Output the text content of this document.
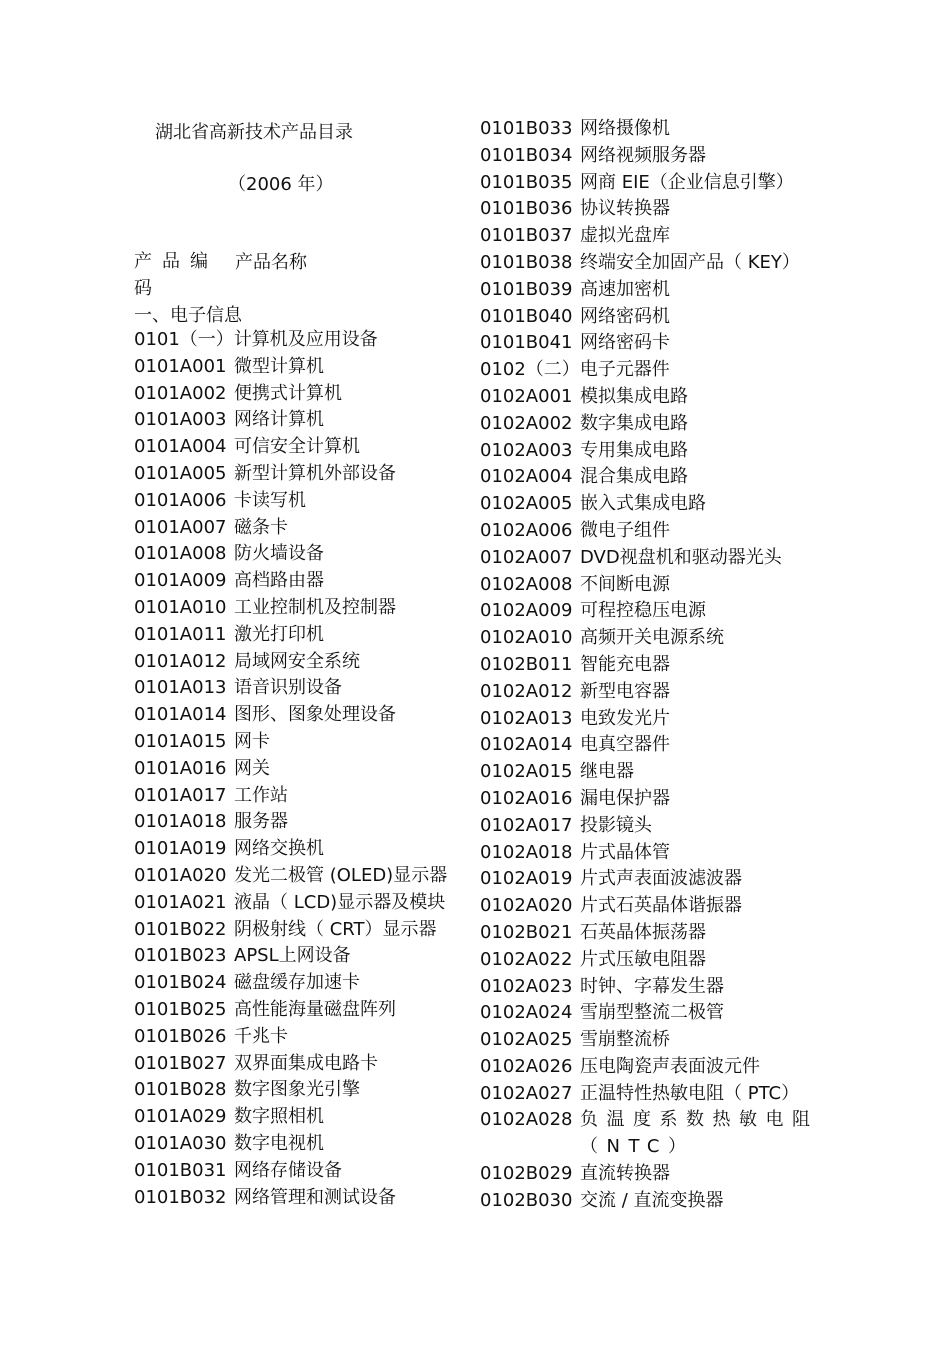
湖北省高新技术产品目录
（2006 年）
产品编码
产品名称
一、电子信息
0101（一）计算机及应用设备
0101A001 微型计算机
0101A002 便携式计算机
0101A003 网络计算机
0101A004 可信安全计算机
0101A005 新型计算机外部设备
0101A006 卡读写机
0101A007 磁条卡
0101A008 防火墙设备
0101A009 高档路由器
0101A010 工业控制机及控制器
0101A011 激光打印机
0101A012 局域网安全系统
0101A013 语音识别设备
0101A014 图形、图象处理设备
0101A015 网卡
0101A016 网关
0101A017 工作站
0101A018 服务器
0101A019 网络交换机
0101A020 发光二极管 (OLED)显示器
0101A021 液晶（ LCD)显示器及模块
0101B022 阴极射线（ CRT）显示器
0101B023 APSL上网设备
0101B024 磁盘缓存加速卡
0101B025 高性能海量磁盘阵列
0101B026 千兆卡
0101B027 双界面集成电路卡
0101B028 数字图象光引擎
0101A029 数字照相机
0101A030 数字电视机
0101B031 网络存储设备
0101B032 网络管理和测试设备
0101B033 网络摄像机
0101B034 网络视频服务器
0101B035 网商 EIE（企业信息引擎）
0101B036 协议转换器
0101B037 虚拟光盘库
0101B038 终端安全加固产品（ KEY）
0101B039 高速加密机
0101B040 网络密码机
0101B041 网络密码卡
0102（二）电子元器件
0102A001 模拟集成电路
0102A002 数字集成电路
0102A003 专用集成电路
0102A004 混合集成电路
0102A005 嵌入式集成电路
0102A006 微电子组件
0102A007 DVD视盘机和驱动器光头
0102A008 不间断电源
0102A009 可程控稳压电源
0102A010 高频开关电源系统
0102B011 智能充电器
0102A012 新型电容器
0102A013 电致发光片
0102A014 电真空器件
0102A015 继电器
0102A016 漏电保护器
0102A017 投影镜头
0102A018 片式晶体管
0102A019 片式声表面波滤波器
0102A020 片式石英晶体谐振器
0102B021 石英晶体振荡器
0102A022 片式压敏电阻器
0102A023 时钟、字幕发生器
0102A024 雪崩型整流二极管
0102A025 雪崩整流桥
0102A026 压电陶瓷声表面波元件
0102A027 正温特性热敏电阻（ PTC）
0102A028 负温度系数热敏电阻（NTC）
0102B029 直流转换器
0102B030 交流 / 直流变换器
